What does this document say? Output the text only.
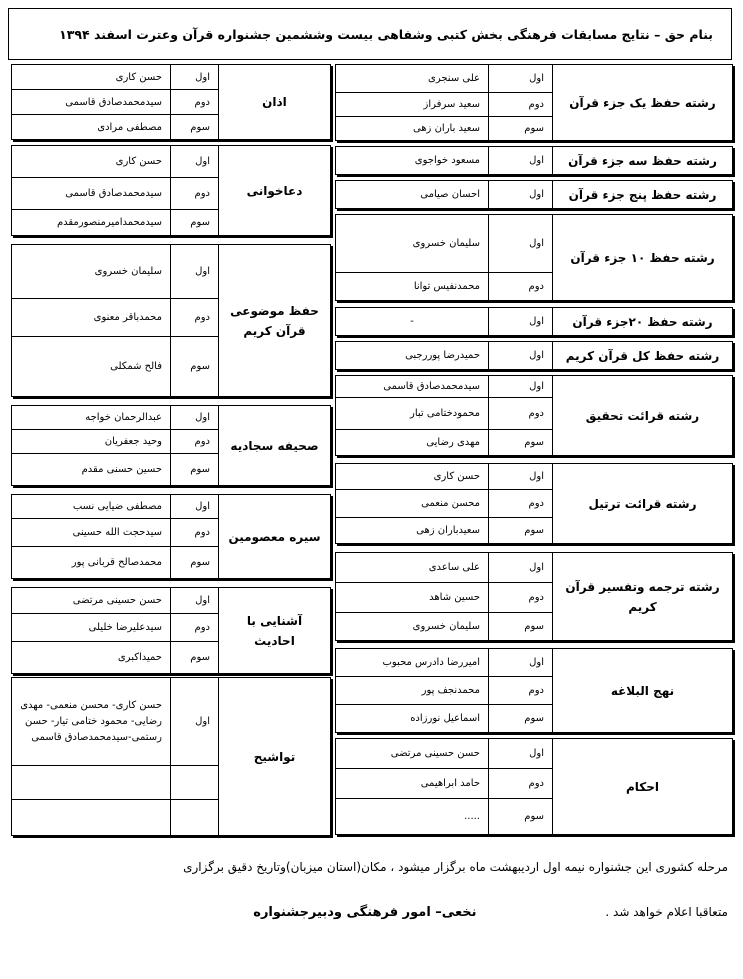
بنام حق – نتایج مسابقات فرهنگی بخش کتبی وشفاهی بیست وششمین جشنواره قرآن وعترت اسفند ۱۳۹۴
رشته حفظ یک جزء قرآن	اول	علی سنجری
	دوم	سعید سرفراز
	سوم	سعید باران زهی
رشته حفظ سه جزء قرآن	اول	مسعود خواجوی
رشته حفظ پنج جزء قرآن	اول	احسان صیامی
رشته حفظ ۱۰ جزء قرآن	اول	سلیمان خسروی
	دوم	محمدنفیس توانا
رشته حفظ ۲۰جزء قرآن	اول	-
رشته حفظ کل قرآن کریم	اول	حمیدرضا پوررجبی
رشته قرائت تحقیق	اول	سیدمحمدصادق قاسمی
	دوم	محمودختامی تبار
	سوم	مهدی رضایی
رشته قرائت ترتیل	اول	حسن کاری
	دوم	محسن منعمی
	سوم	سعیدباران زهی
رشته ترجمه وتفسیر قرآن کریم	اول	علی ساعدی
	دوم	حسین شاهد
	سوم	سلیمان خسروی
نهج البلاغه	اول	امیررضا دادرس محبوب
	دوم	محمدنجف پور
	سوم	اسماعیل نورزاده
احکام	اول	حسن حسینی مرتضی
	دوم	حامد ابراهیمی
	سوم	.....
اذان	اول	حسن کاری
	دوم	سیدمحمدصادق قاسمی
	سوم	مصطفی مرادی
دعاخوانی	اول	حسن کاری
	دوم	سیدمحمدصادق قاسمی
	سوم	سیدمحمدامیرمنصورمقدم
حفظ موضوعی قرآن کریم	اول	سلیمان خسروی
	دوم	محمدباقر معنوی
	سوم	فالح شمکلی
صحیفه سجادیه	اول	عبدالرحمان خواجه
	دوم	وحید جعفریان
	سوم	حسین حسنی مقدم
سیره معصومین	اول	مصطفی ضیایی نسب
	دوم	سیدحجت الله حسینی
	سوم	محمدصالح قربانی پور
آشنایی با احادیث	اول	حسن حسینی مرتضی
	دوم	سیدعلیرضا خلیلی
	سوم	حمیداکبری
تواشیح	اول	حسن کاری- محسن منعمی- مهدی رضایی- محمود ختامی تیار- حسن رستمی-سیدمحمدصادق قاسمی

مرحله کشوری این جشنواره نیمه اول اردیبهشت ماه برگزار میشود ، مکان(استان میزبان)وتاریخ دقیق برگزاری
متعاقبا اعلام خواهد شد . نخعی– امور فرهنگی ودبیرجشنواره
